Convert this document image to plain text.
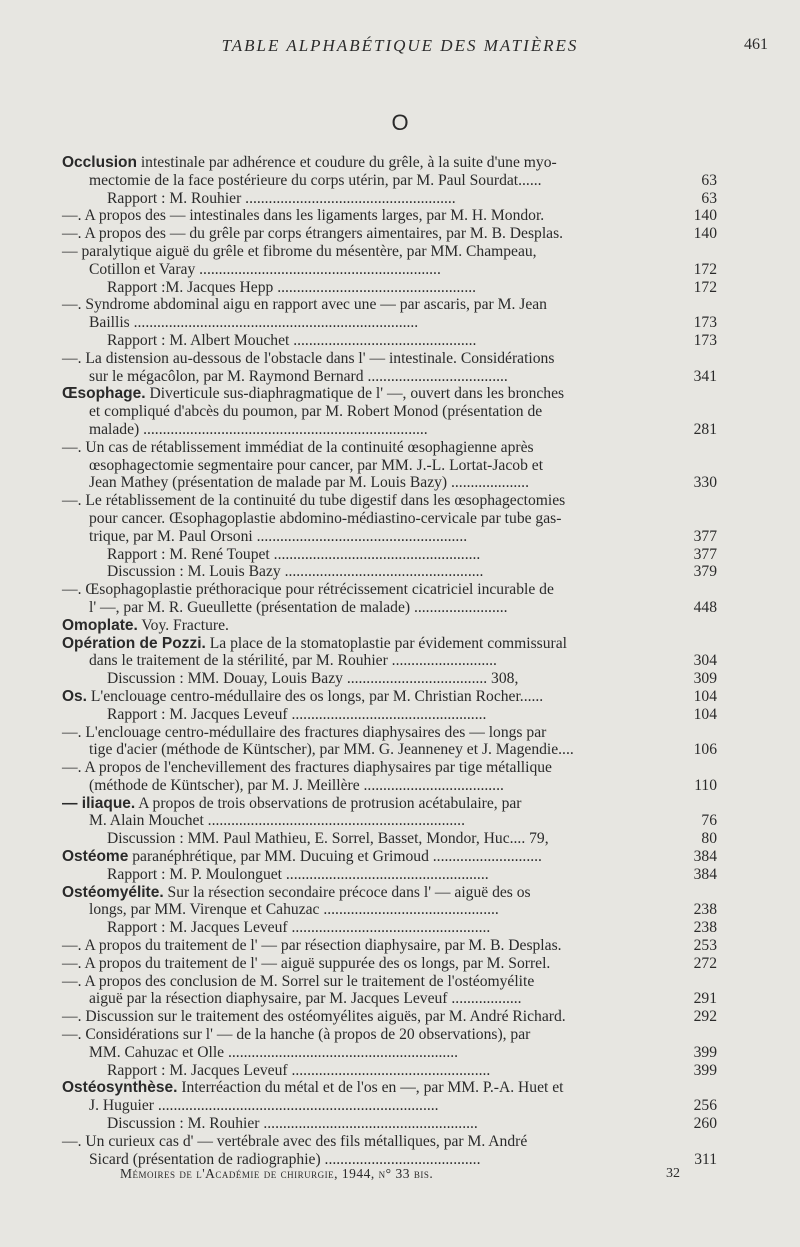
TABLE ALPHABÉTIQUE DES MATIÈRES	461
O
Occlusion intestinale par adhérence et coudure du grêle, à la suite d'une myo-
mectomie de la face postérieure du corps utérin, par M. Paul Sourdat......	63
Rapport : M. Rouhier ......................................................	63
—. A propos des — intestinales dans les ligaments larges, par M. H. Mondor.	140
—. A propos des — du grêle par corps étrangers aimentaires, par M. B. Desplas.	140
— paralytique aiguë du grêle et fibrome du mésentère, par MM. Champeau,
Cotillon et Varay ..............................................................	172
Rapport :M. Jacques Hepp ...................................................	172
—. Syndrome abdominal aigu en rapport avec une — par ascaris, par M. Jean
Baillis .........................................................................	173
Rapport : M. Albert Mouchet ...............................................	173
—. La distension au-dessous de l'obstacle dans l' — intestinale. Considérations
sur le mégacôlon, par M. Raymond Bernard ....................................	341
Œsophage. Diverticule sus-diaphragmatique de l' —, ouvert dans les bronches
et compliqué d'abcès du poumon, par M. Robert Monod (présentation de
malade) .........................................................................	281
—. Un cas de rétablissement immédiat de la continuité œsophagienne après
œsophagectomie segmentaire pour cancer, par MM. J.-L. Lortat-Jacob et
Jean Mathey (présentation de malade par M. Louis Bazy) ....................	330
—. Le rétablissement de la continuité du tube digestif dans les œsophagectomies
pour cancer. Œsophagoplastie abdomino-médiastino-cervicale par tube gas-
trique, par M. Paul Orsoni ......................................................	377
Rapport : M. René Toupet .....................................................	377
Discussion : M. Louis Bazy ...................................................	379
—. Œsophagoplastie préthoracique pour rétrécissement cicatriciel incurable de
l' —, par M. R. Gueullette (présentation de malade) ........................	448
Omoplate. Voy. Fracture.
Opération de Pozzi. La place de la stomatoplastie par évidement commissural
dans le traitement de la stérilité, par M. Rouhier ...........................	304
Discussion : MM. Douay, Louis Bazy .................................... 308,	309
Os. L'enclouage centro-médullaire des os longs, par M. Christian Rocher......	104
Rapport : M. Jacques Leveuf ..................................................	104
—. L'enclouage centro-médullaire des fractures diaphysaires des — longs par
tige d'acier (méthode de Küntscher), par MM. G. Jeanneney et J. Magendie....	106
—. A propos de l'enchevillement des fractures diaphysaires par tige métallique
(méthode de Küntscher), par M. J. Meillère ....................................	110
— iliaque. A propos de trois observations de protrusion acétabulaire, par
M. Alain Mouchet ..................................................................	76
Discussion : MM. Paul Mathieu, E. Sorrel, Basset, Mondor, Huc.... 79,	80
Ostéome paranéphrétique, par MM. Ducuing et Grimoud ............................	384
Rapport : M. P. Moulonguet ....................................................	384
Ostéomyélite. Sur la résection secondaire précoce dans l' — aiguë des os
longs, par MM. Virenque et Cahuzac .............................................	238
Rapport : M. Jacques Leveuf ...................................................	238
—. A propos du traitement de l' — par résection diaphysaire, par M. B. Desplas.	253
—. A propos du traitement de l' — aiguë suppurée des os longs, par M. Sorrel.	272
—. A propos des conclusion de M. Sorrel sur le traitement de l'ostéomyélite
aiguë par la résection diaphysaire, par M. Jacques Leveuf ..................	291
—. Discussion sur le traitement des ostéomyélites aiguës, par M. André Richard.	292
—. Considérations sur l' — de la hanche (à propos de 20 observations), par
MM. Cahuzac et Olle ...........................................................	399
Rapport : M. Jacques Leveuf ...................................................	399
Ostéosynthèse. Interréaction du métal et de l'os en —, par MM. P.-A. Huet et
J. Huguier ........................................................................	256
Discussion : M. Rouhier .......................................................	260
—. Un curieux cas d' — vertébrale avec des fils métalliques, par M. André
Sicard (présentation de radiographie) ........................................	311
Mémoires de l'Académie de chirurgie, 1944, n° 33 bis.	32
